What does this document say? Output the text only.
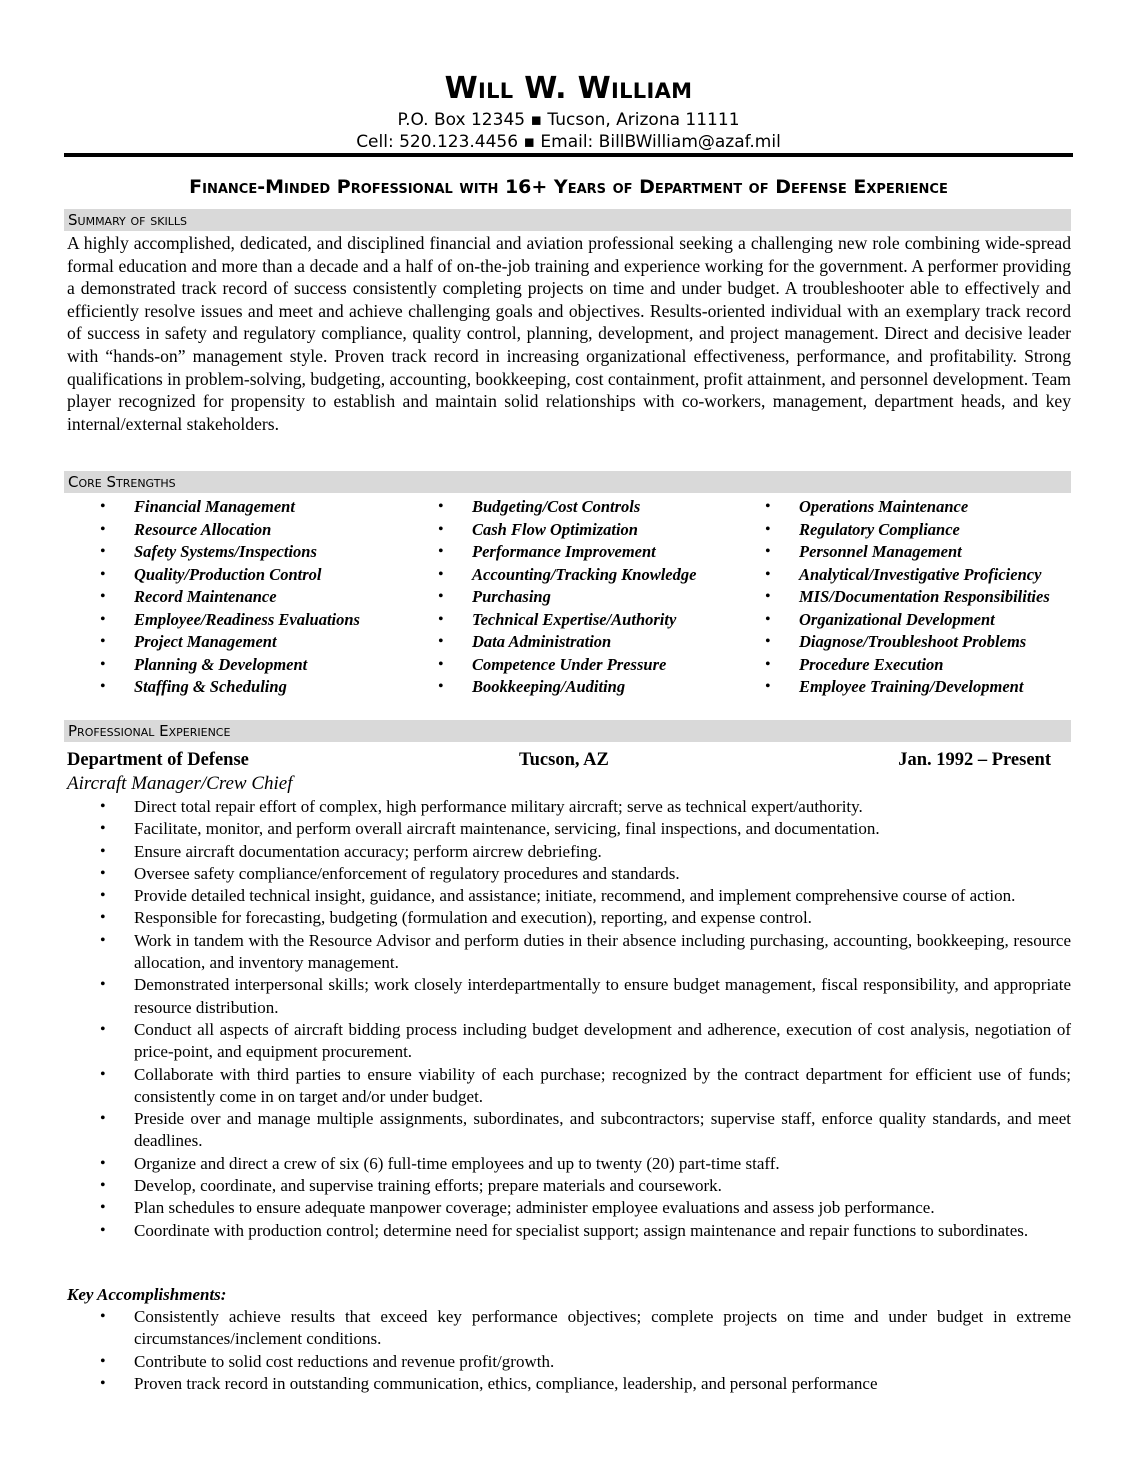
Will W. William
P.O. Box 12345 ▪ Tucson, Arizona 11111
Cell: 520.123.4456 ▪ Email: BillBWilliam@azaf.mil
Finance-Minded Professional with 16+ Years of Department of Defense Experience
Summary of skills

A highly accomplished, dedicated, and disciplined financial and aviation professional seeking a challenging new role combining wide-spread formal education and more than a decade and a half of on-the-job training and experience working for the government. A performer providing a demonstrated track record of success consistently completing projects on time and under budget. A troubleshooter able to effectively and efficiently resolve issues and meet and achieve challenging goals and objectives. Results-oriented individual with an exemplary track record of success in safety and regulatory compliance, quality control, planning, development, and project management. Direct and decisive leader with “hands-on” management style. Proven track record in increasing organizational effectiveness, performance, and profitability. Strong qualifications in problem-solving, budgeting, accounting, bookkeeping, cost containment, profit attainment, and personnel development. Team player recognized for propensity to establish and maintain solid relationships with co-workers, management, department heads, and key internal/external stakeholders.

Core Strengths
• Financial Management
• Resource Allocation
• Safety Systems/Inspections
• Quality/Production Control
• Record Maintenance
• Employee/Readiness Evaluations
• Project Management
• Planning & Development
• Staffing & Scheduling
• Budgeting/Cost Controls
• Cash Flow Optimization
• Performance Improvement
• Accounting/Tracking Knowledge
• Purchasing
• Technical Expertise/Authority
• Data Administration
• Competence Under Pressure
• Bookkeeping/Auditing
• Operations Maintenance
• Regulatory Compliance
• Personnel Management
• Analytical/Investigative Proficiency
• MIS/Documentation Responsibilities
• Organizational Development
• Diagnose/Troubleshoot Problems
• Procedure Execution
• Employee Training/Development
Professional Experience
Department of Defense	Tucson, AZ	Jan. 1992 – Present
Aircraft Manager/Crew Chief
• Direct total repair effort of complex, high performance military aircraft; serve as technical expert/authority.
• Facilitate, monitor, and perform overall aircraft maintenance, servicing, final inspections, and documentation.
• Ensure aircraft documentation accuracy; perform aircrew debriefing.
• Oversee safety compliance/enforcement of regulatory procedures and standards.
• Provide detailed technical insight, guidance, and assistance; initiate, recommend, and implement comprehensive course of action.
• Responsible for forecasting, budgeting (formulation and execution), reporting, and expense control.
• Work in tandem with the Resource Advisor and perform duties in their absence including purchasing, accounting, bookkeeping, resource allocation, and inventory management.
• Demonstrated interpersonal skills; work closely interdepartmentally to ensure budget management, fiscal responsibility, and appropriate resource distribution.
• Conduct all aspects of aircraft bidding process including budget development and adherence, execution of cost analysis, negotiation of price-point, and equipment procurement.
• Collaborate with third parties to ensure viability of each purchase; recognized by the contract department for efficient use of funds; consistently come in on target and/or under budget.
• Preside over and manage multiple assignments, subordinates, and subcontractors; supervise staff, enforce quality standards, and meet deadlines.
• Organize and direct a crew of six (6) full-time employees and up to twenty (20) part-time staff.
• Develop, coordinate, and supervise training efforts; prepare materials and coursework.
• Plan schedules to ensure adequate manpower coverage; administer employee evaluations and assess job performance.
• Coordinate with production control; determine need for specialist support; assign maintenance and repair functions to subordinates.
Key Accomplishments:
• Consistently achieve results that exceed key performance objectives; complete projects on time and under budget in extreme circumstances/inclement conditions.
• Contribute to solid cost reductions and revenue profit/growth.
• Proven track record in outstanding communication, ethics, compliance, leadership, and personal performance
